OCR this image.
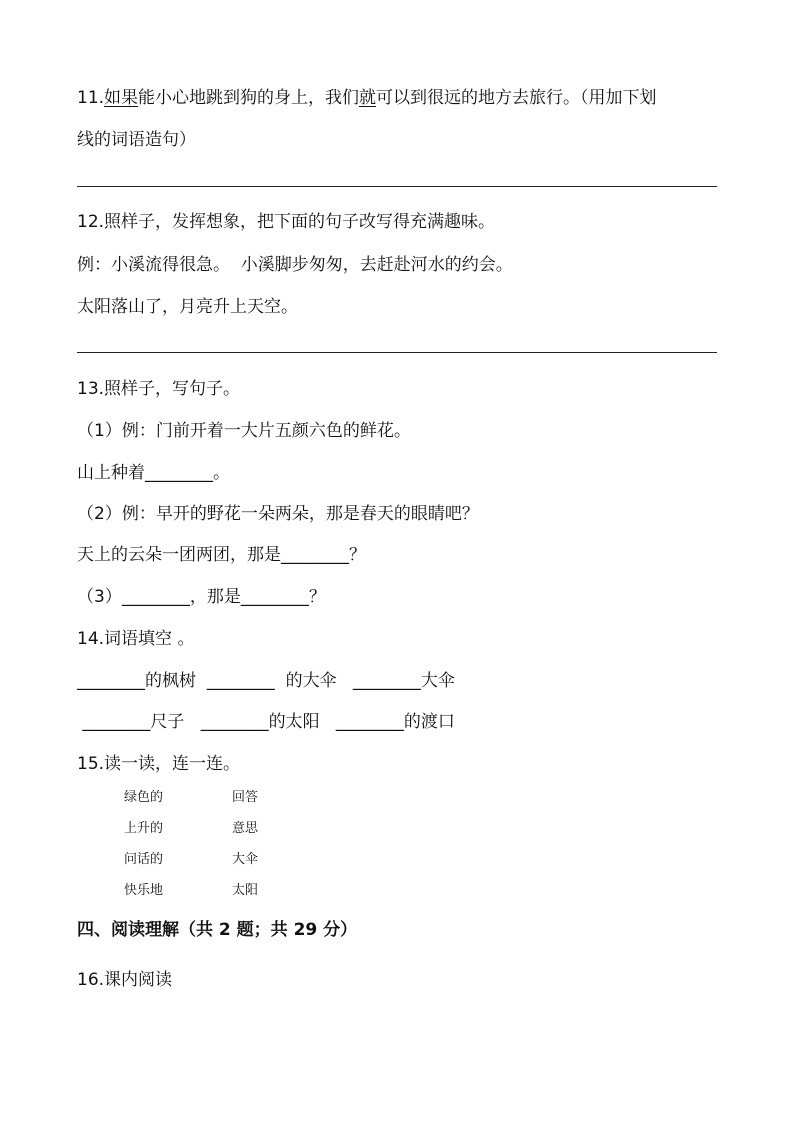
11.如果能小心地跳到狗的身上，我们就可以到很远的地方去旅行。（用加下划
线的词语造句）
12.照样子，发挥想象，把下面的句子改写得充满趣味。
例：小溪流得很急。  小溪脚步匆匆，去赶赴河水的约会。
太阳落山了，月亮升上天空。
13.照样子，写句子。
（1）例：门前开着一大片五颜六色的鲜花。
山上种着________。
（2）例：早开的野花一朵两朵，那是春天的眼睛吧？
天上的云朵一团两团，那是________？
（3）________，那是________？
14.词语填空 。
________的枫树  ________  的大伞   ________大伞
________尺子   ________的太阳   ________的渡口
15.读一读，连一连。
绿色的	回答
上升的	意思
问话的	大伞
快乐地	太阳
四、阅读理解（共 2 题；共 29 分）
16.课内阅读
